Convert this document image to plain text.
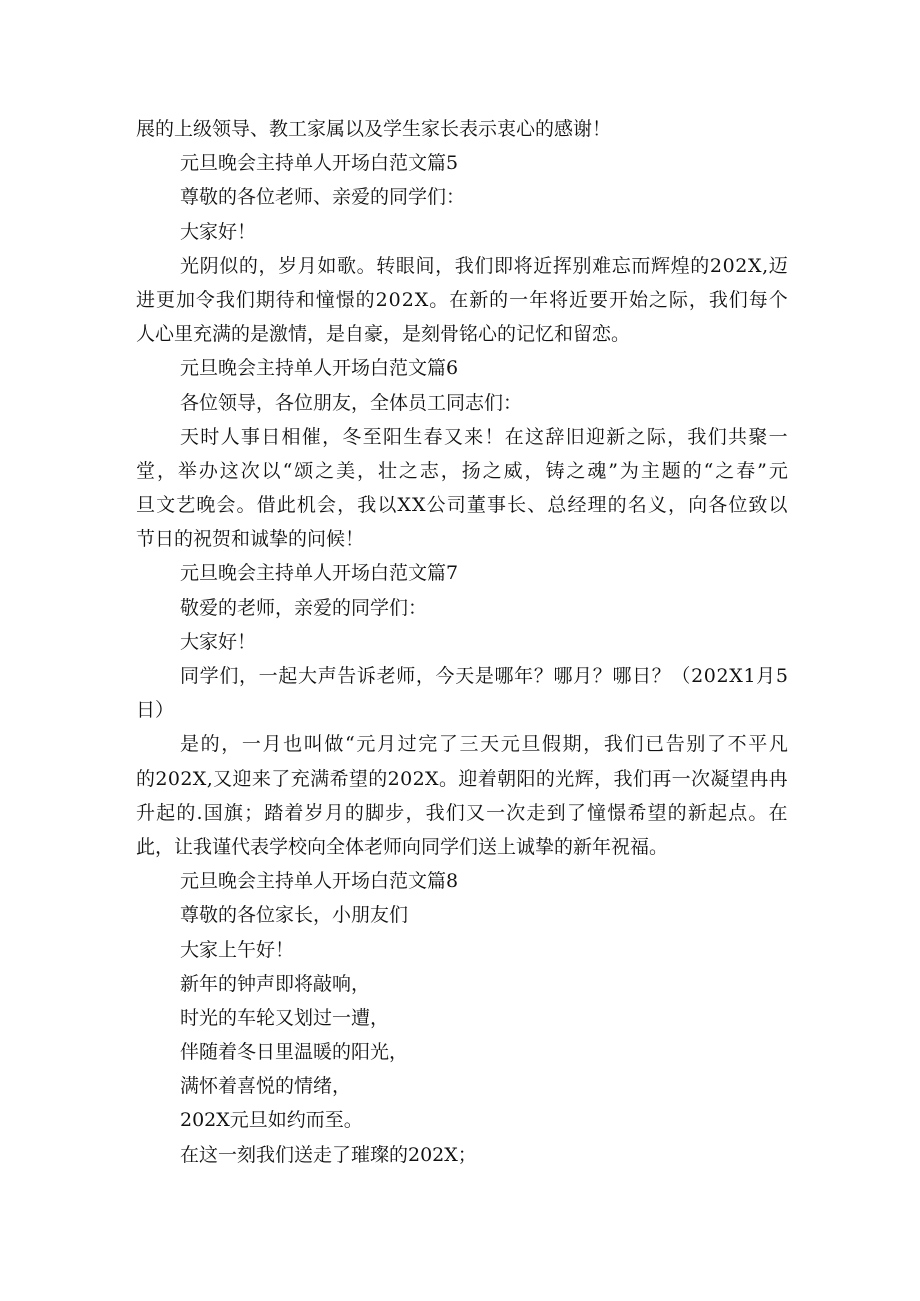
展的上级领导、教工家属以及学生家长表示衷心的感谢！
元旦晚会主持单人开场白范文篇5
尊敬的各位老师、亲爱的同学们：
大家好！
光 阴 似 的 ， 岁 月 如 歌 。 转 眼 间 ， 我 们 即 将 近 挥 别 难 忘 而 辉 煌 的 2 0 2 X , 迈
进 更 加 令 我 们 期 待 和 憧 憬 的 2 0 2 X 。 在 新 的 一 年 将 近 要 开 始 之 际 ， 我 们 每 个
人心里充满的是激情，是自豪，是刻骨铭心的记忆和留恋。
元旦晚会主持单人开场白范文篇6
各位领导，各位朋友，全体员工同志们：
天 时 人 事 日 相 催 ， 冬 至 阳 生 春 又 来 ！ 在 这 辞 旧 迎 新 之 际 ， 我 们 共 聚 一
堂 ， 举 办 这 次 以 “ 颂 之 美 ， 壮 之 志 ， 扬 之 威 ， 铸 之 魂 ” 为 主 题 的 “ 之 春 ” 元
旦 文 艺 晚 会 。 借 此 机 会 ， 我 以 X X 公 司 董 事 长 、 总 经 理 的 名 义 ， 向 各 位 致 以
节日的祝贺和诚挚的问候！
元旦晚会主持单人开场白范文篇7
敬爱的老师，亲爱的同学们：
大家好！
同 学 们 ， 一 起 大 声 告 诉 老 师 ， 今 天 是 哪 年 ？ 哪 月 ？ 哪 日 ？ （ 2 0 2 X 1 月 5
日）
是 的 ， 一 月 也 叫 做 “ 元 月 过 完 了 三 天 元 旦 假 期 ， 我 们 已 告 别 了 不 平 凡
的 2 0 2 X , 又 迎 来 了 充 满 希 望 的 2 0 2 X 。 迎 着 朝 阳 的 光 辉 ， 我 们 再 一 次 凝 望 冉 冉
升 起 的 . 国 旗 ； 踏 着 岁 月 的 脚 步 ， 我 们 又 一 次 走 到 了 憧 憬 希 望 的 新 起 点 。 在
此，让我谨代表学校向全体老师向同学们送上诚挚的新年祝福。
元旦晚会主持单人开场白范文篇8
尊敬的各位家长，小朋友们
大家上午好！
新年的钟声即将敲响，
时光的车轮又划过一遭，
伴随着冬日里温暖的阳光，
满怀着喜悦的情绪，
202X元旦如约而至。
在这一刻我们送走了璀璨的202X；
